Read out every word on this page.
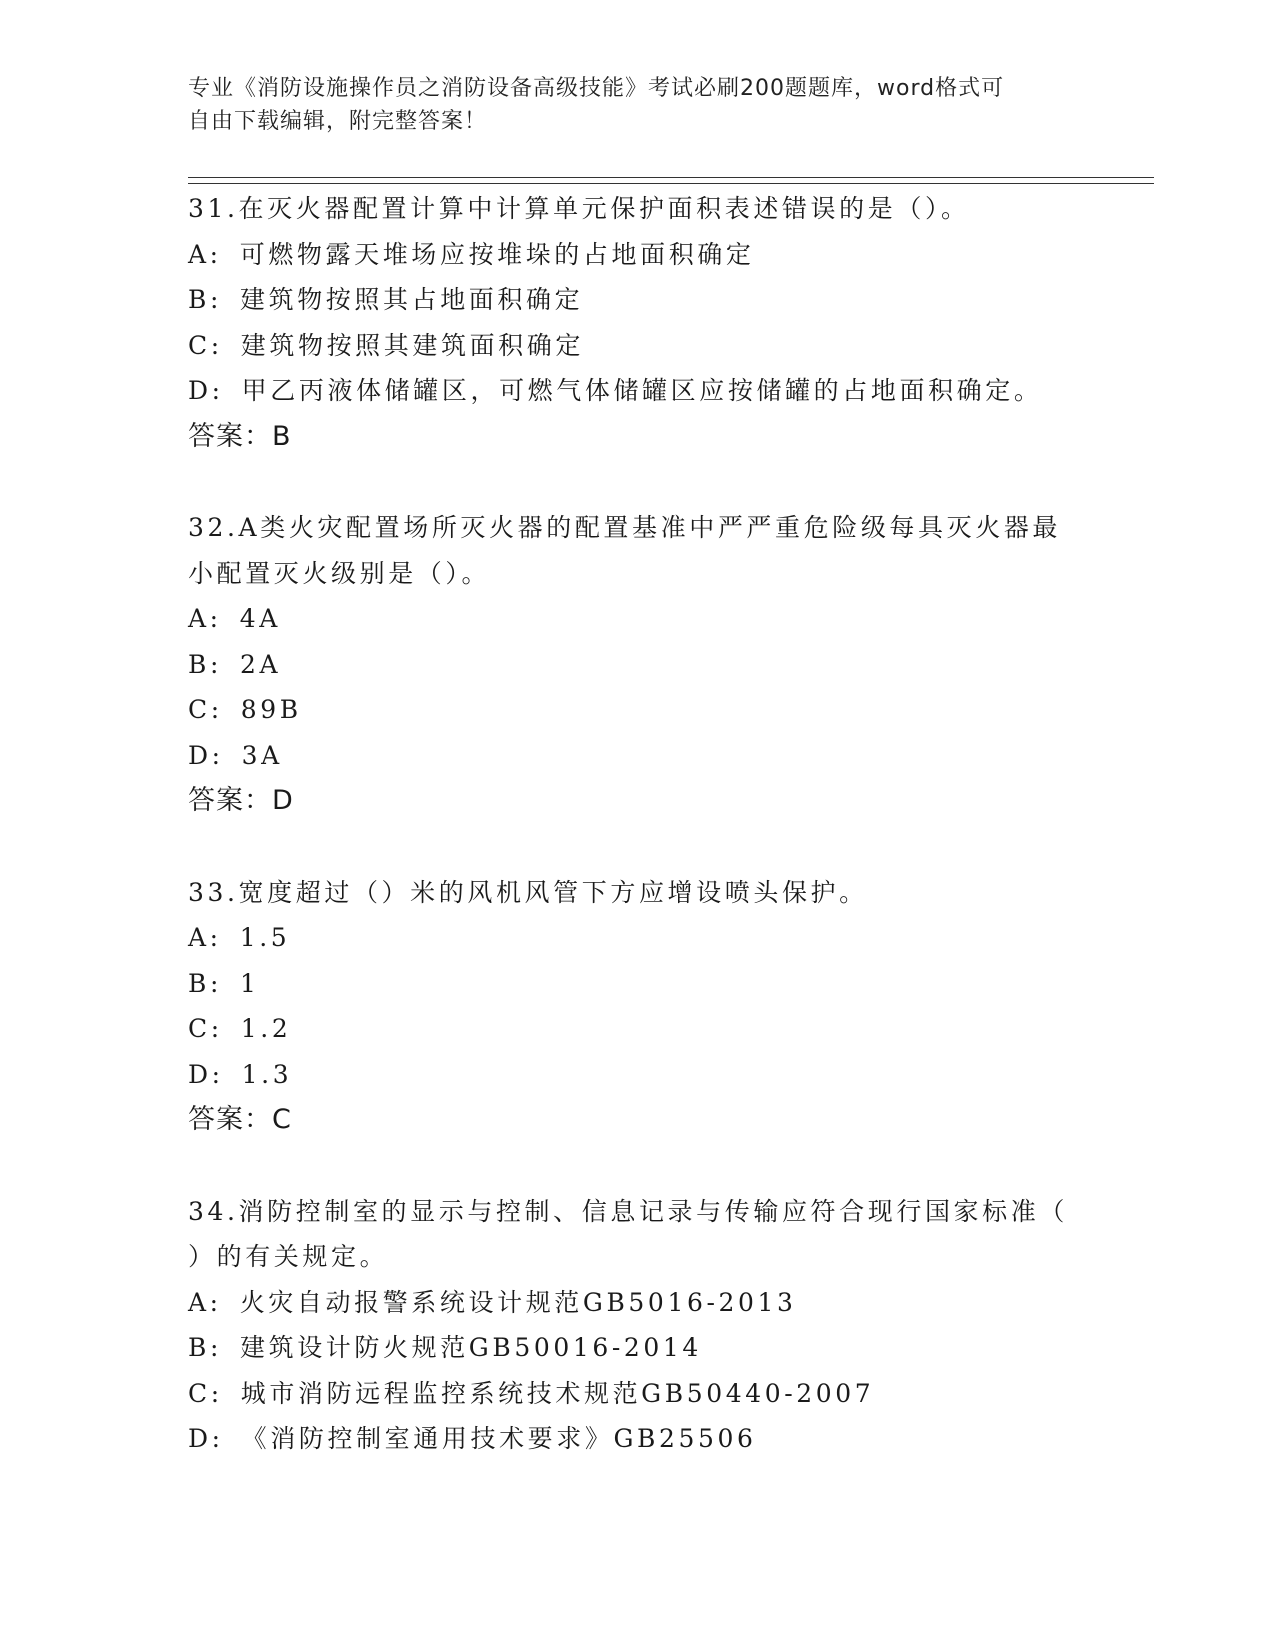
专业《消防设施操作员之消防设备高级技能》考试必刷200题题库，word格式可
自由下载编辑，附完整答案！
31.在灭火器配置计算中计算单元保护面积表述错误的是（）。
A: 可燃物露天堆场应按堆垛的占地面积确定
B: 建筑物按照其占地面积确定
C: 建筑物按照其建筑面积确定
D: 甲乙丙液体储罐区，可燃气体储罐区应按储罐的占地面积确定。
答案：B
32.A类火灾配置场所灭火器的配置基准中严严重危险级每具灭火器最
小配置灭火级别是（）。
A: 4A
B: 2A
C: 89B
D: 3A
答案：D
33.宽度超过（）米的风机风管下方应增设喷头保护。
A: 1.5
B: 1
C: 1.2
D: 1.3
答案：C
34.消防控制室的显示与控制、信息记录与传输应符合现行国家标准（
）的有关规定。
A: 火灾自动报警系统设计规范GB5016-2013
B: 建筑设计防火规范GB50016-2014
C: 城市消防远程监控系统技术规范GB50440-2007
D: 《消防控制室通用技术要求》GB25506
